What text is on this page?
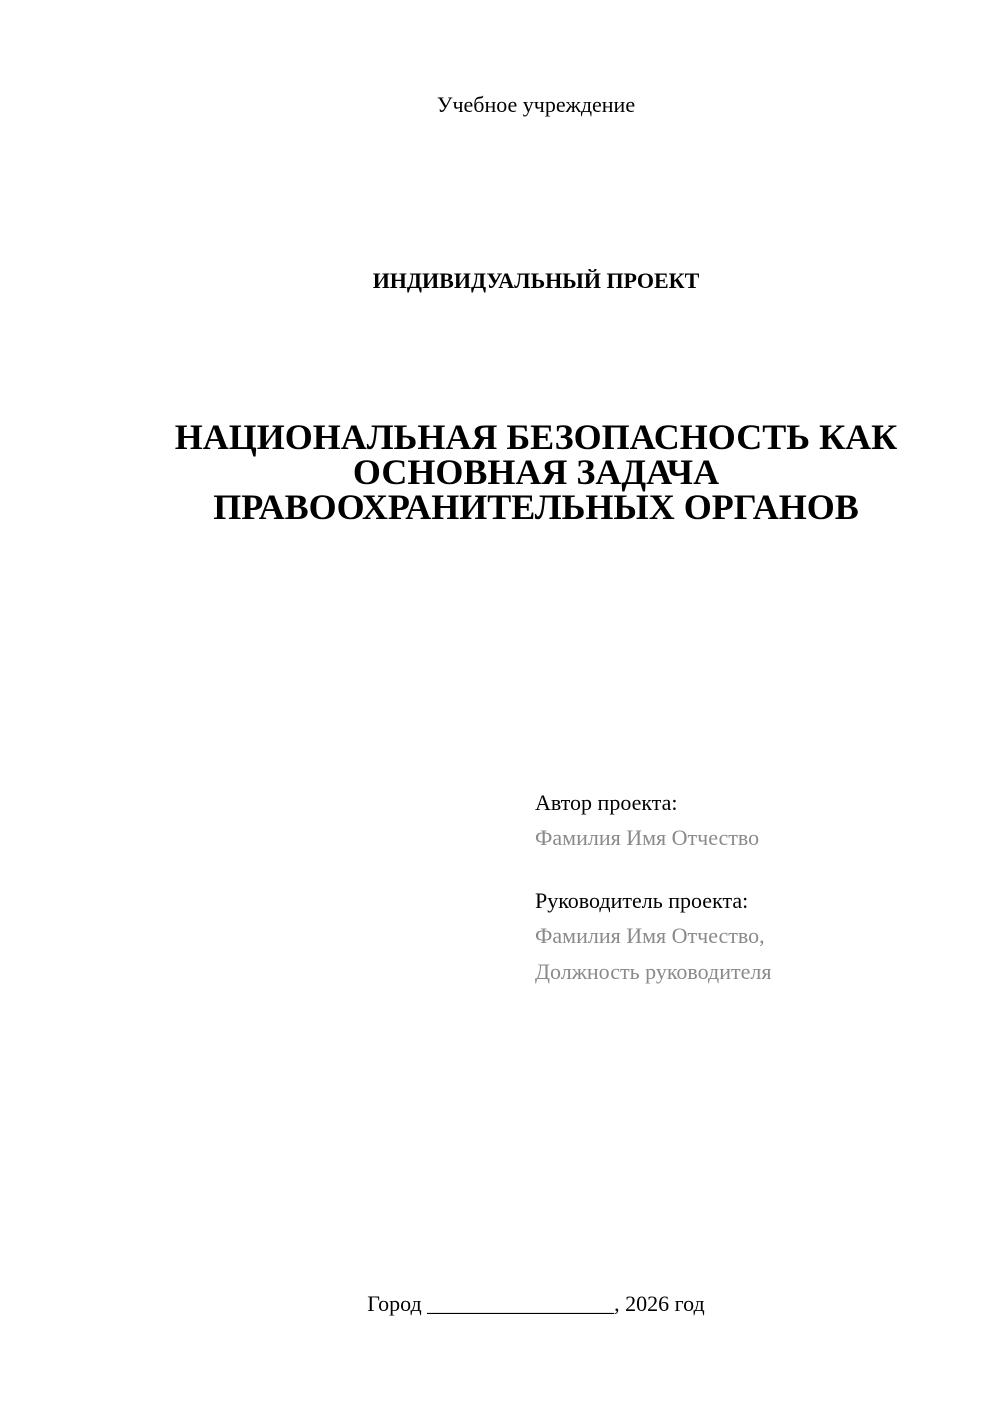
Учебное учреждение
ИНДИВИДУАЛЬНЫЙ ПРОЕКТ
НАЦИОНАЛЬНАЯ БЕЗОПАСНОСТЬ КАК
ОСНОВНАЯ ЗАДАЧА
ПРАВООХРАНИТЕЛЬНЫХ ОРГАНОВ
Автор проекта:
Фамилия Имя Отчество
Руководитель проекта:
Фамилия Имя Отчество,
Должность руководителя
Город _________________, 2026 год
